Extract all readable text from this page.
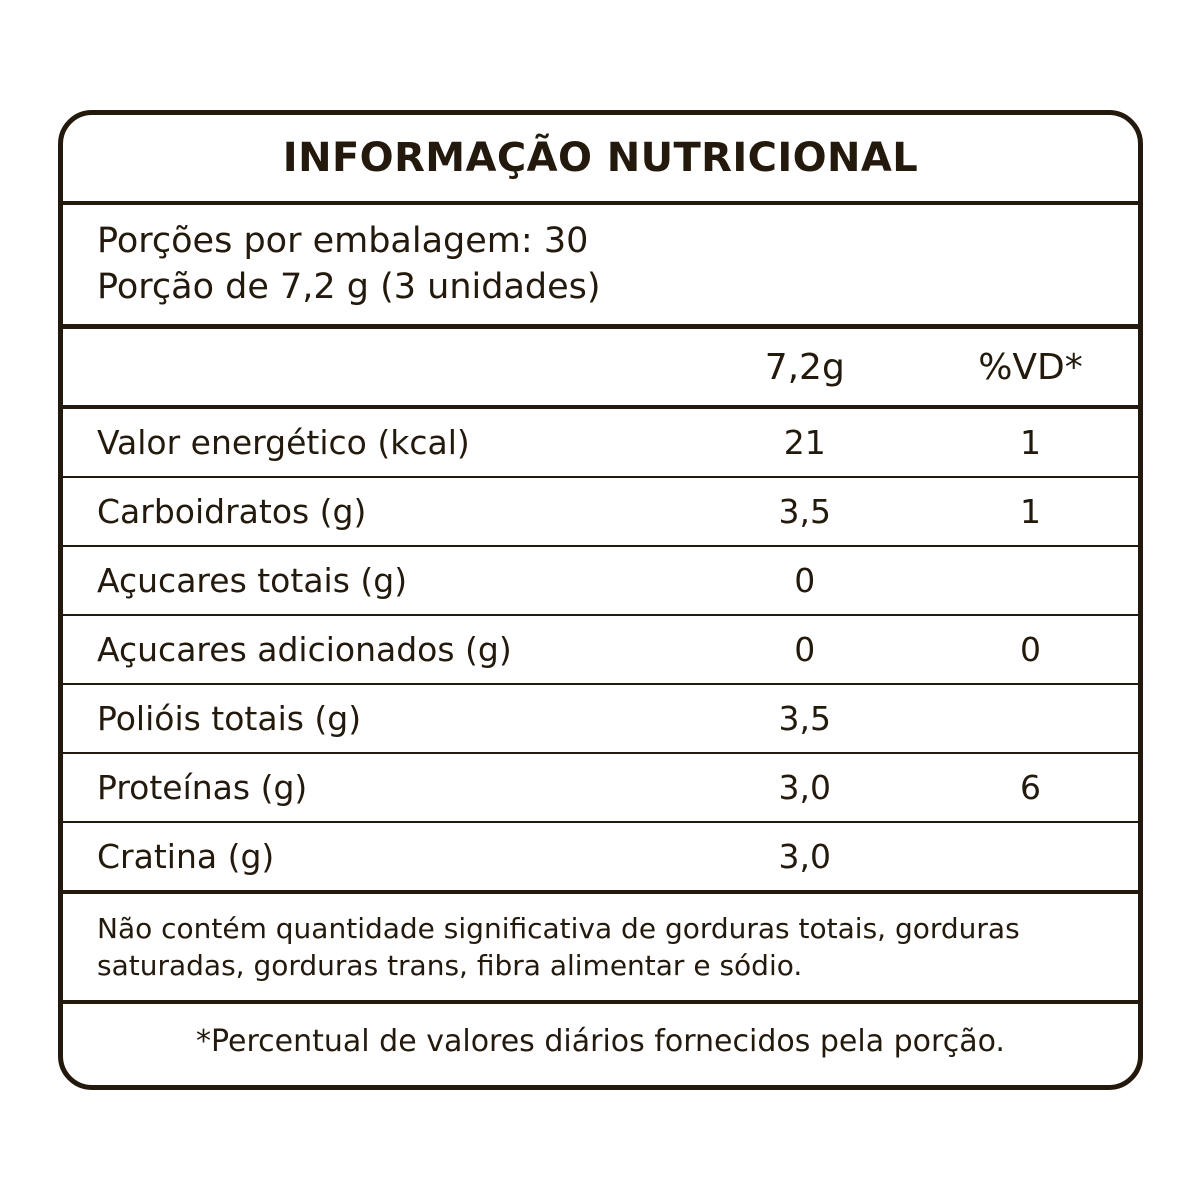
INFORMAÇÃO NUTRICIONAL
Porções por embalagem: 30
Porção de 7,2 g (3 unidades)
	7,2g	%VD*
Valor energético (kcal)	21	1
Carboidratos (g)	3,5	1
Açucares totais (g)	0	
Açucares adicionados (g)	0	0
Polióis totais (g)	3,5	
Proteínas (g)	3,0	6
Cratina (g)	3,0	

Não contém quantidade significativa de gorduras totais, gorduras saturadas, gorduras trans, fibra alimentar e sódio.

*Percentual de valores diários fornecidos pela porção.
